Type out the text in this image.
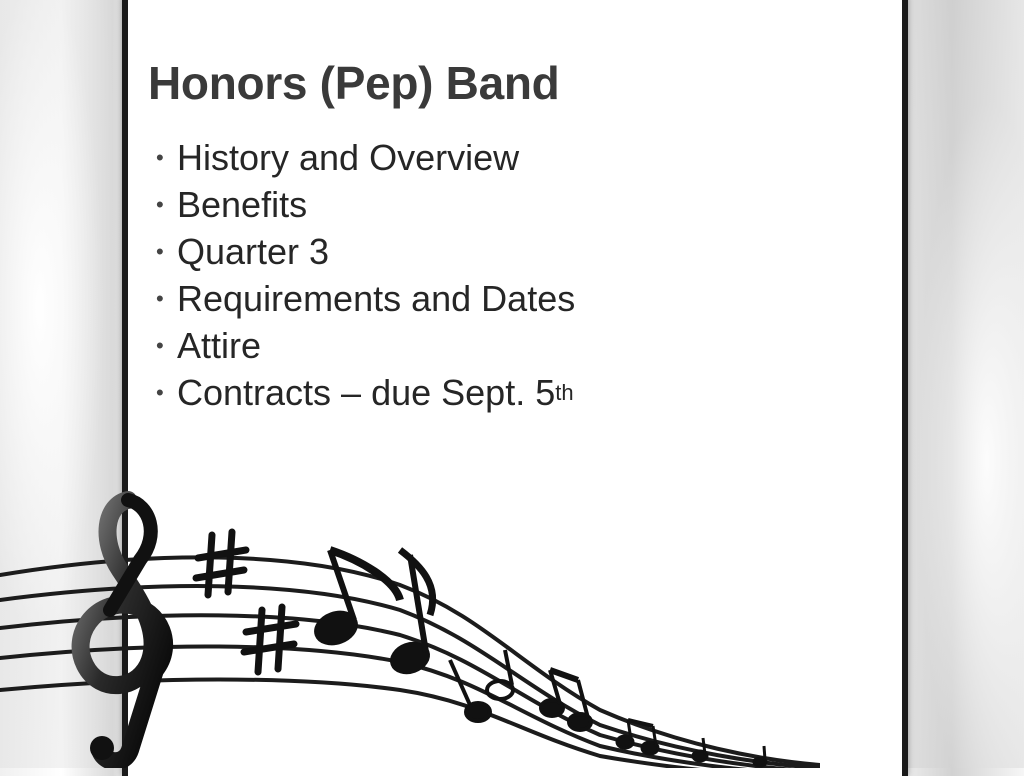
Honors (Pep) Band
• History and Overview
• Benefits
• Quarter 3
• Requirements and Dates
• Attire
• Contracts – due Sept. 5 th
